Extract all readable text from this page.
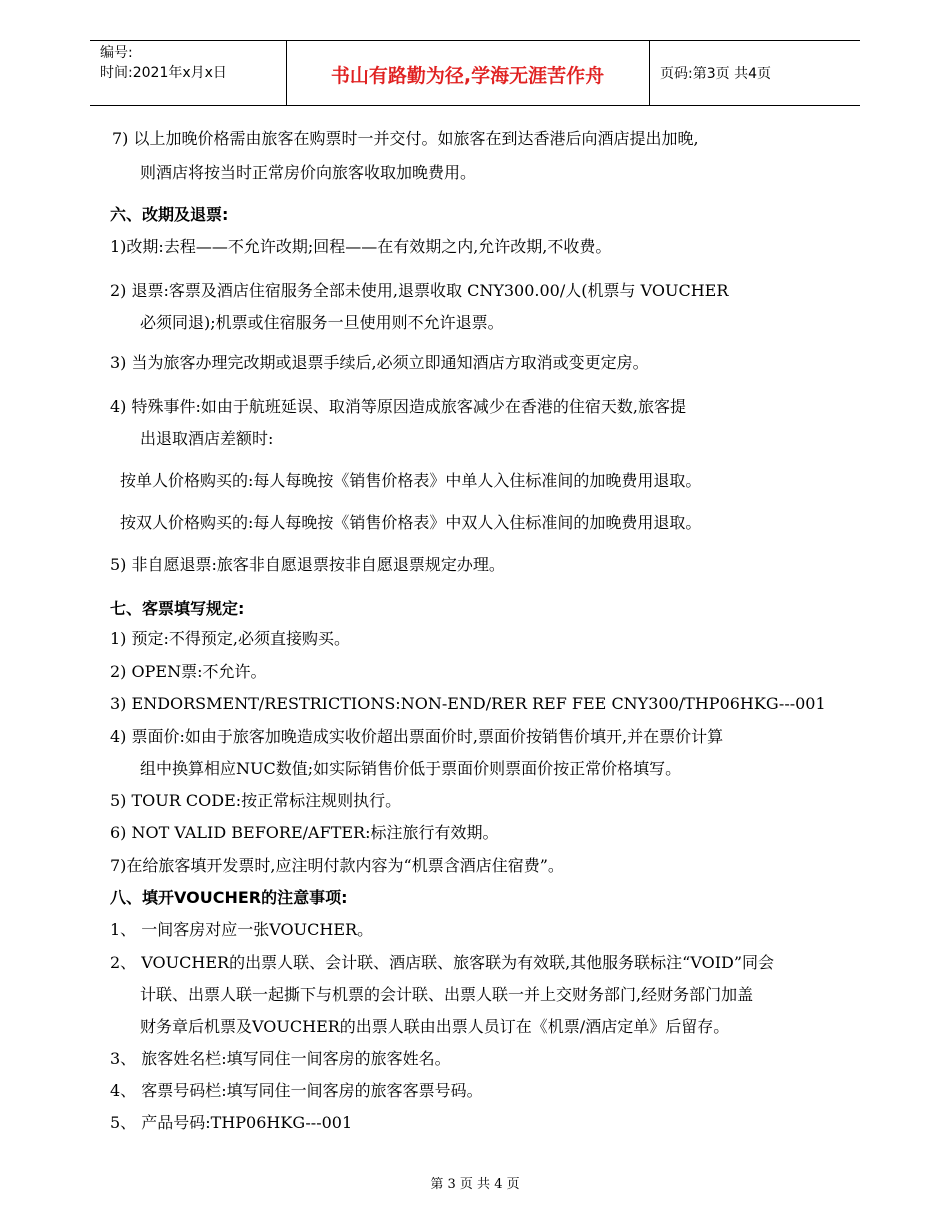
编号:
时间:2021年x月x日	书山有路勤为径,学海无涯苦作舟	页码:第3页 共4页
7) 以上加晚价格需由旅客在购票时一并交付。如旅客在到达香港后向酒店提出加晚,
则酒店将按当时正常房价向旅客收取加晚费用。
六、改期及退票:
1)改期:去程——不允许改期;回程——在有效期之内,允许改期,不收费。
2) 退票:客票及酒店住宿服务全部未使用,退票收取 CNY300.00/人(机票与 VOUCHER
必须同退);机票或住宿服务一旦使用则不允许退票。
3) 当为旅客办理完改期或退票手续后,必须立即通知酒店方取消或变更定房。
4) 特殊事件:如由于航班延误、取消等原因造成旅客减少在香港的住宿天数,旅客提
出退取酒店差额时:
按单人价格购买的:每人每晚按《销售价格表》中单人入住标准间的加晚费用退取。
按双人价格购买的:每人每晚按《销售价格表》中双人入住标准间的加晚费用退取。
5) 非自愿退票:旅客非自愿退票按非自愿退票规定办理。
七、客票填写规定:
1) 预定:不得预定,必须直接购买。
2) OPEN票:不允许。
3) ENDORSMENT/RESTRICTIONS:NON-END/RER REF FEE CNY300/THP06HKG---001
4) 票面价:如由于旅客加晚造成实收价超出票面价时,票面价按销售价填开,并在票价计算
组中换算相应NUC数值;如实际销售价低于票面价则票面价按正常价格填写。
5) TOUR CODE:按正常标注规则执行。
6) NOT VALID BEFORE/AFTER:标注旅行有效期。
7)在给旅客填开发票时,应注明付款内容为“机票含酒店住宿费”。
八、填开VOUCHER的注意事项:
1、 一间客房对应一张VOUCHER。
2、 VOUCHER的出票人联、会计联、酒店联、旅客联为有效联,其他服务联标注“VOID”同会
计联、出票人联一起撕下与机票的会计联、出票人联一并上交财务部门,经财务部门加盖
财务章后机票及VOUCHER的出票人联由出票人员订在《机票/酒店定单》后留存。
3、 旅客姓名栏:填写同住一间客房的旅客姓名。
4、 客票号码栏:填写同住一间客房的旅客客票号码。
5、 产品号码:THP06HKG---001
第 3 页 共 4 页
